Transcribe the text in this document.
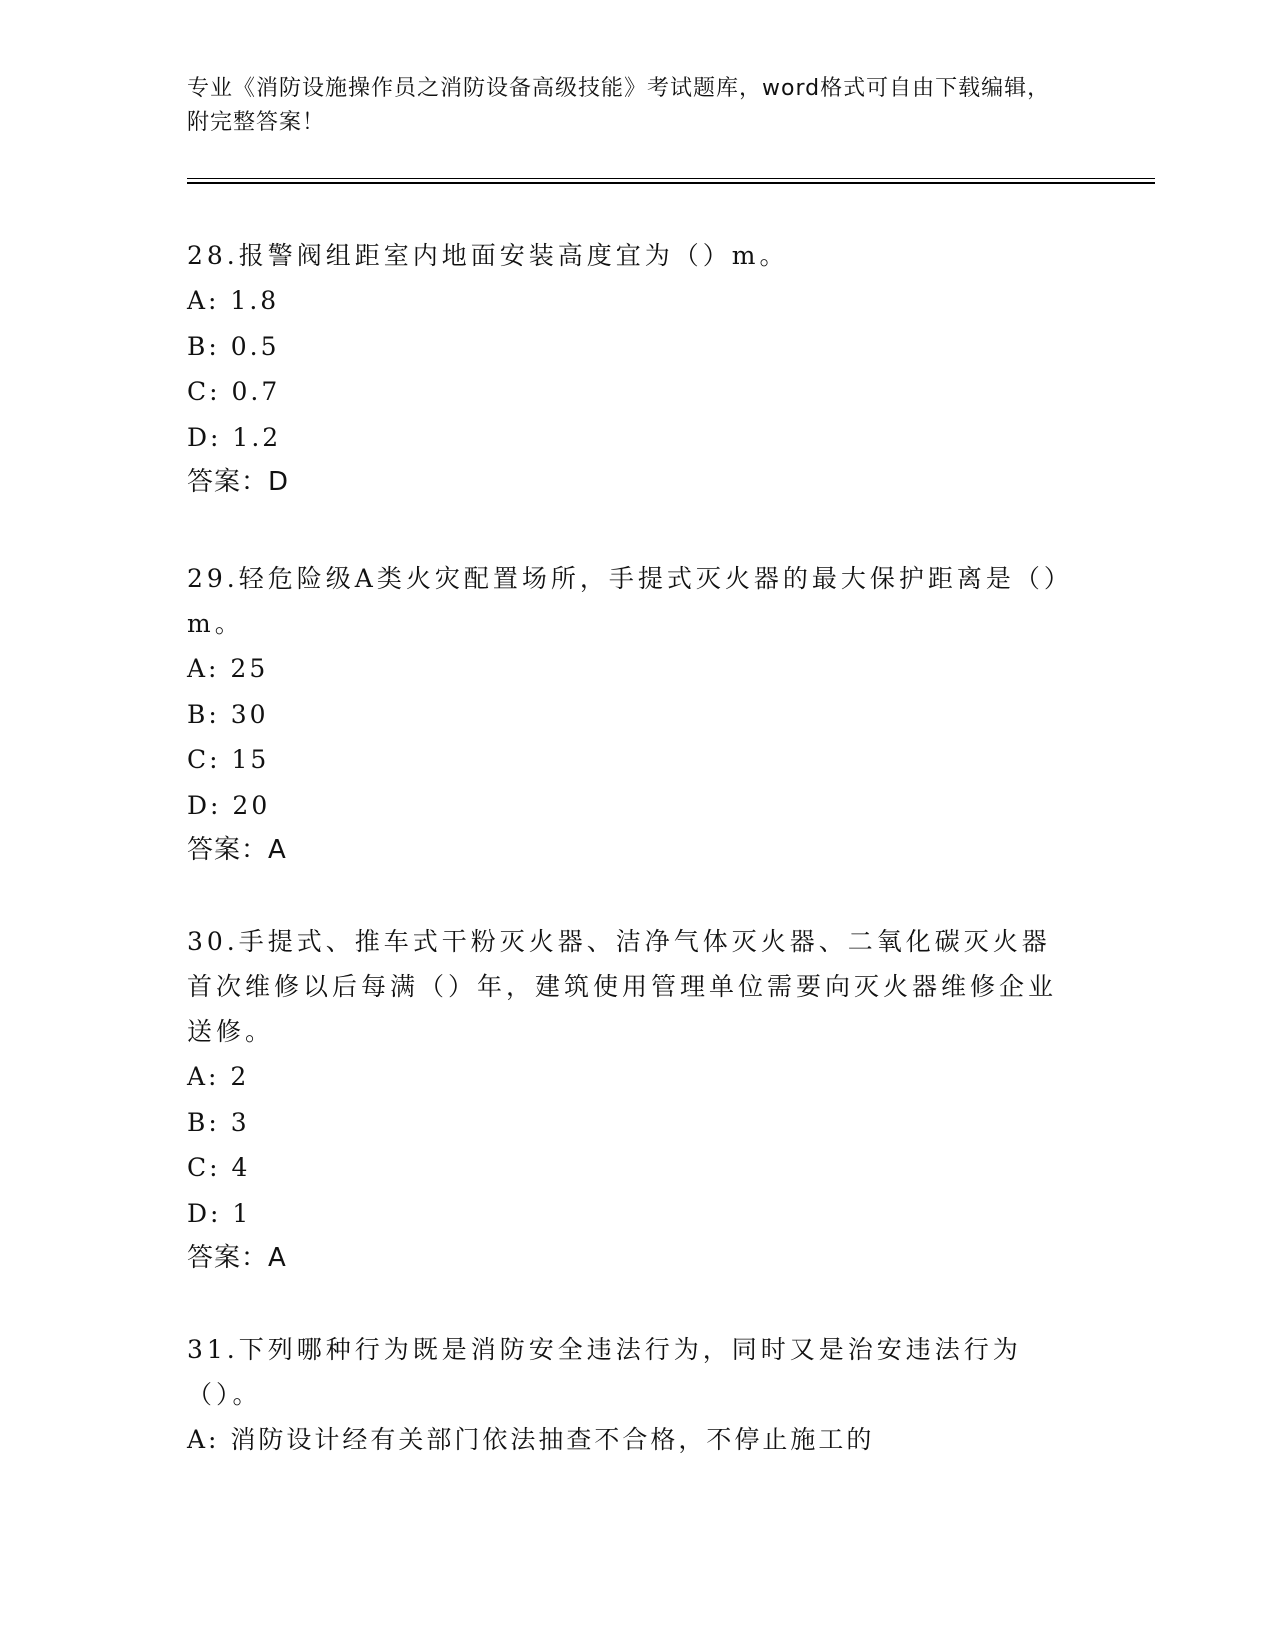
专业《消防设施操作员之消防设备高级技能》考试题库，word格式可自由下载编辑，附完整答案！
28.报警阀组距室内地面安装高度宜为（）m。
A: 1.8
B: 0.5
C: 0.7
D: 1.2
答案：D
29.轻危险级A类火灾配置场所，手提式灭火器的最大保护距离是（）m。
A: 25
B: 30
C: 15
D: 20
答案：A
30.手提式、推车式干粉灭火器、洁净气体灭火器、二氧化碳灭火器首次维修以后每满（）年，建筑使用管理单位需要向灭火器维修企业送修。
A: 2
B: 3
C: 4
D: 1
答案：A
31.下列哪种行为既是消防安全违法行为，同时又是治安违法行为（）。
A: 消防设计经有关部门依法抽查不合格，不停止施工的
